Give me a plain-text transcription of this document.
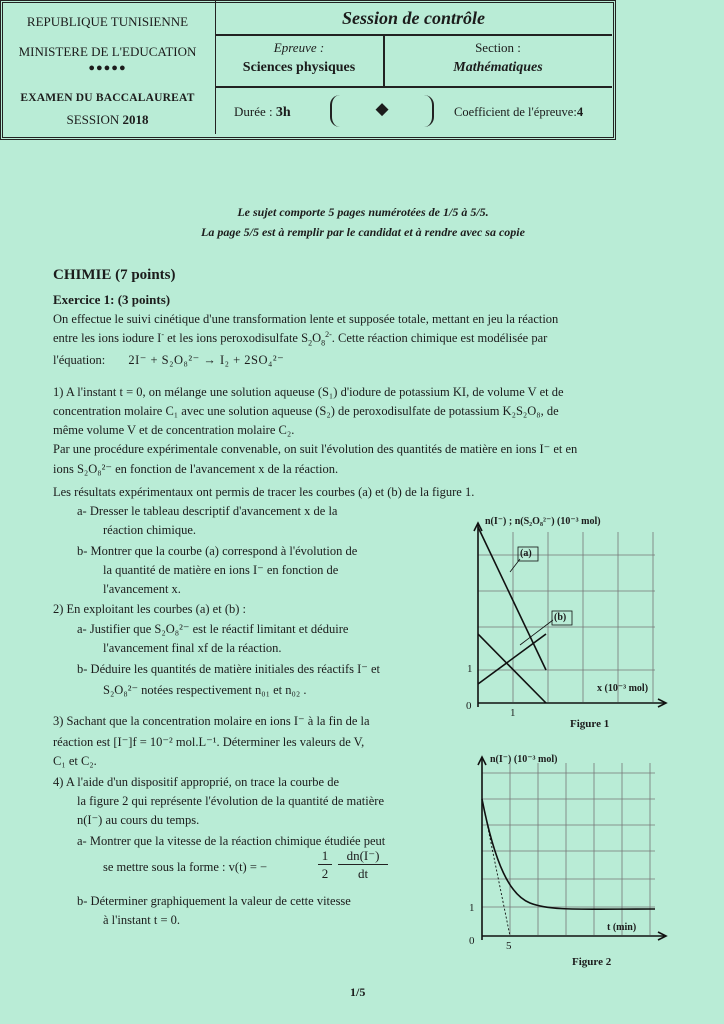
REPUBLIQUE TUNISIENNE
MINISTERE DE L'EDUCATION
●●●●●
EXAMEN DU BACCALAUREAT
SESSION 2018
Session de contrôle
Epreuve :
Sciences physiques
Section :
Mathématiques
Durée : 3h	◆	Coefficient de l'épreuve:4
Le sujet comporte 5 pages numérotées de 1/5 à 5/5.
La page 5/5 est à remplir par le candidat et à rendre avec sa copie
CHIMIE (7 points)
Exercice 1: (3 points)
On effectue le suivi cinétique d'une transformation lente et supposée totale, mettant en jeu la réaction
entre les ions iodure I- et les ions peroxodisulfate $S_2O_8^{2-}$. Cette réaction chimique est modélisée par
l'équation: 2I⁻ + S₂O₈²⁻ → I₂ + 2SO₄²⁻
1) A l'instant t = 0, on mélange une solution aqueuse (S₁) d'iodure de potassium KI, de volume V et de
concentration molaire C₁ avec une solution aqueuse (S₂) de peroxodisulfate de potassium K₂S₂O₈, de
même volume V et de concentration molaire C₂.
Par une procédure expérimentale convenable, on suit l'évolution des quantités de matière en ions I⁻ et en
ions S₂O₈²⁻ en fonction de l'avancement x de la réaction.
Les résultats expérimentaux ont permis de tracer les courbes (a) et (b) de la figure 1.
a- Dresser le tableau descriptif d'avancement x de la
réaction chimique.
b- Montrer que la courbe (a) correspond à l'évolution de
la quantité de matière en ions I⁻ en fonction de
l'avancement x.
2) En exploitant les courbes (a) et (b) :
a- Justifier que S₂O₈²⁻ est le réactif limitant et déduire
l'avancement final xf de la réaction.
b- Déduire les quantités de matière initiales des réactifs I⁻ et
S₂O₈²⁻ notées respectivement n₀₁ et n₀₂ .
3) Sachant que la concentration molaire en ions I⁻ à la fin de la
réaction est [I⁻]f = 10⁻² mol.L⁻¹. Déterminer les valeurs de V,
C₁ et C₂.
4) A l'aide d'un dispositif approprié, on trace la courbe de
la figure 2 qui représente l'évolution de la quantité de matière
n(I⁻) au cours du temps.
a- Montrer que la vitesse de la réaction chimique étudiée peut
se mettre sous la forme : v(t) = −
1
2
dn(I⁻)
dt
b- Déterminer graphiquement la valeur de cette vitesse
à l'instant t = 0.
n(I⁻) ; n(S₂O₈²⁻) (10⁻³ mol)
(a)
(b)
x (10⁻³ mol)
1
1
0
Figure 1
n(I⁻) (10⁻³ mol)
t (min)
1
5
0
Figure 2
1/5
